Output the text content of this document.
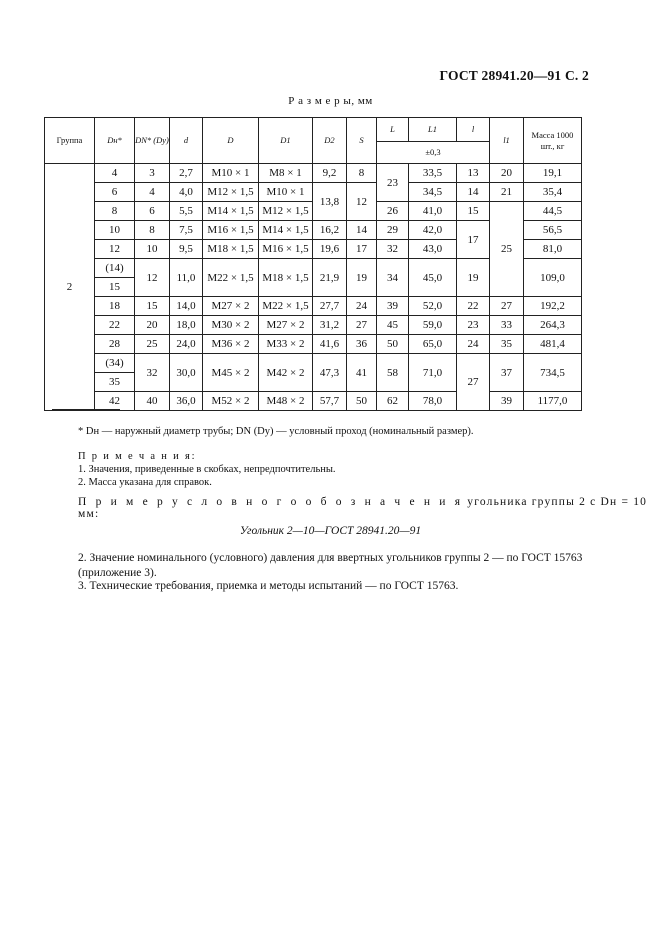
ГОСТ 28941.20—91 С. 2
Р а з м е р ы, мм
Группа	Dн*	DN* (Dу)	d	D	D1	D2	S	L	L1	l	l1	Масса 1000 шт., кг
								±0,3				
2	4	3	2,7	M10 × 1	M8 × 1	9,2	8	23	33,5	13	20	19,1
	6	4	4,0	M12 × 1,5	M10 × 1	13,8	12		34,5	14	21	35,4
	8	6	5,5	M14 × 1,5	M12 × 1,5			26	41,0	15	25	44,5
	10	8	7,5	M16 × 1,5	M14 × 1,5	16,2	14	29	42,0	17		56,5
	12	10	9,5	M18 × 1,5	M16 × 1,5	19,6	17	32	43,0			81,0
	(14)	12	11,0	M22 × 1,5	M18 × 1,5	21,9	19	34	45,0	19		109,0
	15											
	18	15	14,0	M27 × 2	M22 × 1,5	27,7	24	39	52,0	22	27	192,2
	22	20	18,0	M30 × 2	M27 × 2	31,2	27	45	59,0	23	33	264,3
	28	25	24,0	M36 × 2	M33 × 2	41,6	36	50	65,0	24	35	481,4
	(34)	32	30,0	M45 × 2	M42 × 2	47,3	41	58	71,0	27	37	734,5
	35											
	42	40	36,0	M52 × 2	M48 × 2	57,7	50	62	78,0		39	1177,0
* Dн — наружный диаметр трубы; DN (Dу) — условный проход (номинальный размер).
П р и м е ч а н и я:
1. Значения, приведенные в скобках, непредпочтительны.
2. Масса указана для справок.
П р и м е р у с л о в н о г о о б о з н а ч е н и я угольника группы 2 с Dн = 10 мм:
Угольник 2—10—ГОСТ 28941.20—91
2. Значение номинального (условного) давления для ввертных угольников группы 2 — по ГОСТ 15763 (приложение 3).
3. Технические требования, приемка и методы испытаний — по ГОСТ 15763.
